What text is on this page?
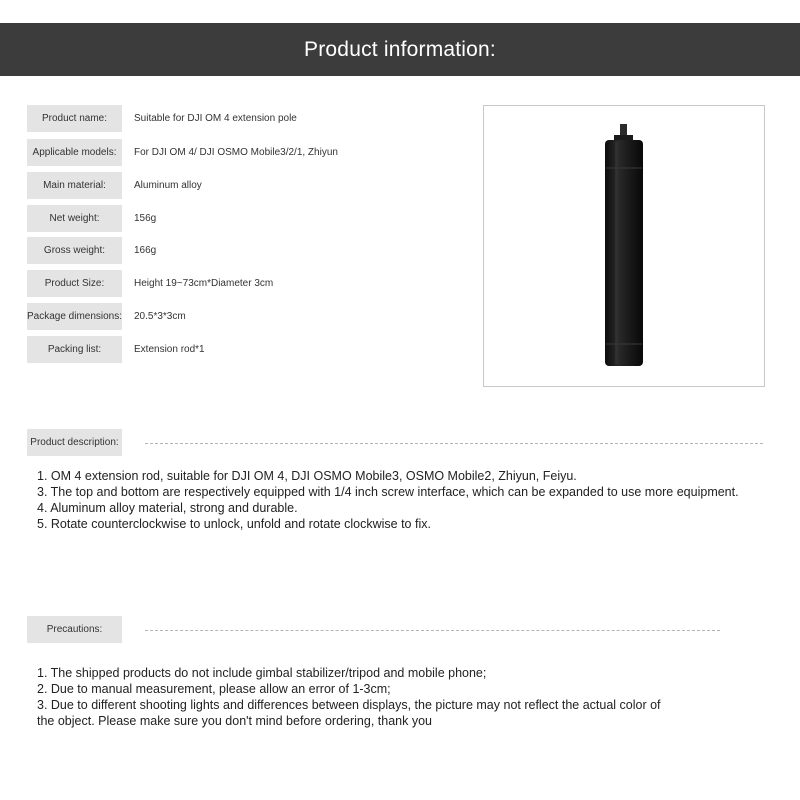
Product information:
Product name:	Suitable for DJI OM 4 extension pole
Applicable models:	For DJI OM 4/ DJI OSMO Mobile3/2/1, Zhiyun
Main material:	Aluminum alloy
Net weight:	156g
Gross weight:	166g
Product Size:	Height 19~73cm*Diameter 3cm
Package dimensions: 20.5*3*3cm
Packing list:	Extension rod*1
Product description:

1. OM 4 extension rod, suitable for DJI OM 4, DJI OSMO Mobile3, OSMO Mobile2, Zhiyun, Feiyu.

3. The top and bottom are respectively equipped with 1/4 inch screw interface, which can be expanded to use more equipment.

4. Aluminum alloy material, strong and durable.

5. Rotate counterclockwise to unlock, unfold and rotate clockwise to fix.

Precautions:

1. The shipped products do not include gimbal stabilizer/tripod and mobile phone;

2. Due to manual measurement, please allow an error of 1-3cm;

3. Due to different shooting lights and differences between displays, the picture may not reflect the actual color of

the object. Please make sure you don't mind before ordering, thank you
